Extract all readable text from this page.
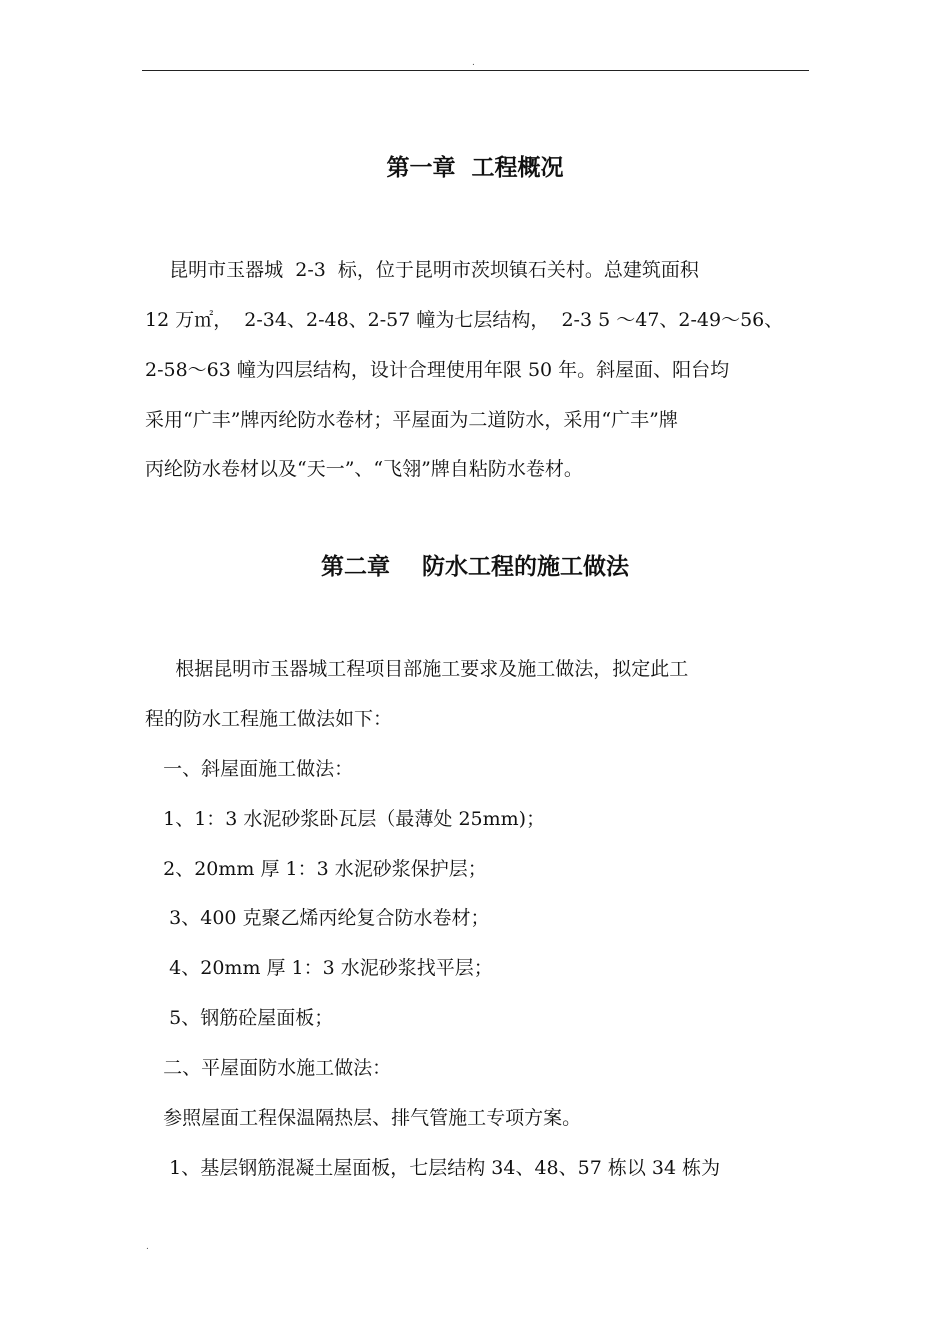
.
第一章  工程概况
昆明市玉器城  2-3  标，位于昆明市茨坝镇石关村。总建筑面积
12 万㎡，  2-34、2-48、2-57 幢为七层结构，  2-3 5 ～47、2-49～56、
2-58～63 幢为四层结构，设计合理使用年限 50 年。斜屋面、阳台均
采用“广丰”牌丙纶防水卷材；平屋面为二道防水，采用“广丰”牌
丙纶防水卷材以及“天一”、“飞翎”牌自粘防水卷材。
第二章    防水工程的施工做法
根据昆明市玉器城工程项目部施工要求及施工做法，拟定此工
程的防水工程施工做法如下：
一、斜屋面施工做法：
1、1：3 水泥砂浆卧瓦层（最薄处 25mm)；
2、20mm 厚 1：3 水泥砂浆保护层；
3、400 克聚乙烯丙纶复合防水卷材；
4、20mm 厚 1：3 水泥砂浆找平层；
5、钢筋砼屋面板；
二、平屋面防水施工做法：
参照屋面工程保温隔热层、排气管施工专项方案。
1、基层钢筋混凝土屋面板，七层结构 34、48、57 栋以 34 栋为
.
